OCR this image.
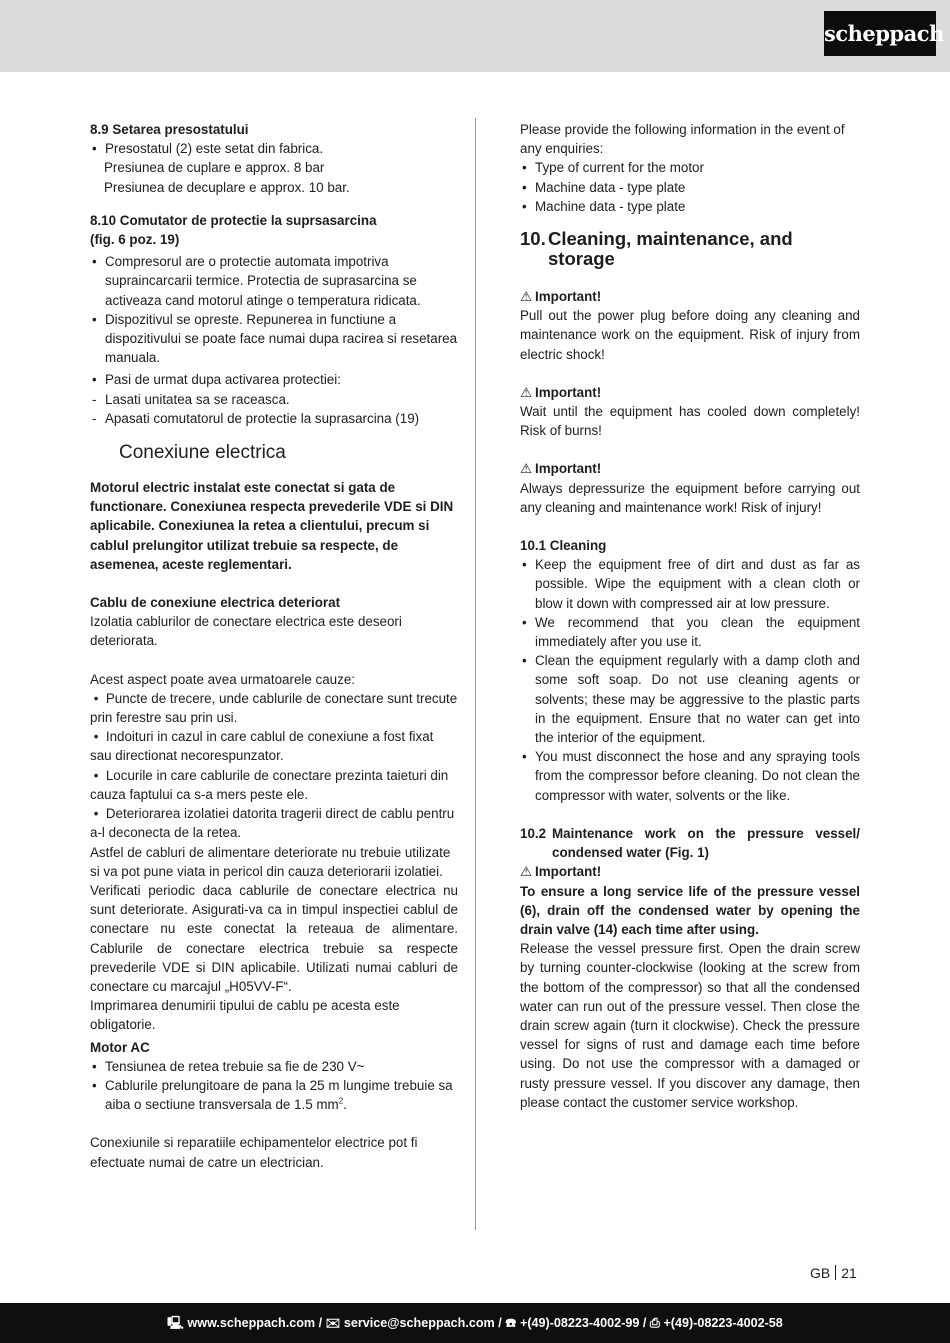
scheppach

8.9 Setarea presostatului

• Presostatul (2) este setat din fabrica.

Presiunea de cuplare e approx. 8 bar

Presiunea de decuplare e approx. 10 bar.

8.10 Comutator de protectie la suprsasarcina

(fig. 6 poz. 19)

• Compresorul are o protectie automata impotriva supraincarcarii termice. Protectia de suprasarcina se activeaza cand motorul atinge o temperatura ridicata.
• Dispozitivul se opreste. Repunerea in functiune a dispozitivului se poate face numai dupa racirea si resetarea manuala.
• Pasi de urmat dupa activarea protectiei:
- Lasati unitatea sa se raceasca.
- Apasati comutatorul de protectie la suprasarcina (19)

Conexiune electrica

Motorul electric instalat este conectat si gata de functionare. Conexiunea respecta prevederile VDE si DIN aplicabile. Conexiunea la retea a clientului, precum si cablul prelungitor utilizat trebuie sa respecte, de asemenea, aceste reglementari.

Cablu de conexiune electrica deteriorat

Izolatia cablurilor de conectare electrica este deseori deteriorata.

Acest aspect poate avea urmatoarele cauze:

•  Puncte de trecere, unde cablurile de conectare sunt trecute prin ferestre sau prin usi.

•  Indoituri in cazul in care cablul de conexiune a fost fixat sau directionat necorespunzator.

•  Locurile in care cablurile de conectare prezinta taieturi din cauza faptului ca s-a mers peste ele.

•  Deteriorarea izolatiei datorita tragerii direct de cablu pentru a-l deconecta de la retea.

Astfel de cabluri de alimentare deteriorate nu trebuie utilizate si va pot pune viata in pericol din cauza deteriorarii izolatiei.

Verificati periodic daca cablurile de conectare electrica nu sunt deteriorate. Asigurati-va ca in timpul inspectiei cablul de conectare nu este conectat la reteaua de alimentare. Cablurile de conectare electrica trebuie sa respecte prevederile VDE si DIN aplicabile. Utilizati numai cabluri de conectare cu marcajul „H05VV-F“.

Imprimarea denumirii tipului de cablu pe acesta este obligatorie.

Motor AC

• Tensiunea de retea trebuie sa fie de 230 V~
• Cablurile prelungitoare de pana la 25 m lungime trebuie sa aiba o sectiune transversala de 1.5 $mm^2$.

Conexiunile si reparatiile echipamentelor electrice pot fi efectuate numai de catre un electrician.

Please provide the following information in the event of any enquiries:

• Type of current for the motor
• Machine data - type plate
• Machine data - type plate
10. Cleaning, maintenance, and storage

⚠ Important!

Pull out the power plug before doing any cleaning and maintenance work on the equipment. Risk of injury from electric shock!

⚠ Important!

Wait until the equipment has cooled down completely! Risk of burns!

⚠ Important!

Always depressurize the equipment before carrying out any cleaning and maintenance work! Risk of injury!

10.1 Cleaning

• Keep the equipment free of dirt and dust as far as possible. Wipe the equipment with a clean cloth or blow it down with compressed air at low pressure.
• We recommend that you clean the equipment immediately after you use it.
• Clean the equipment regularly with a damp cloth and some soft soap. Do not use cleaning agents or solvents; these may be aggressive to the plastic parts in the equipment. Ensure that no water can get into the interior of the equipment.
• You must disconnect the hose and any spraying tools from the compressor before cleaning. Do not clean the compressor with water, solvents or the like.
10.2 Maintenance work on the pressure vessel/ condensed water (Fig. 1)

⚠ Important!

To ensure a long service life of the pressure vessel (6), drain off the condensed water by opening the drain valve (14) each time after using.

Release the vessel pressure first. Open the drain screw by turning counter-clockwise (looking at the screw from the bottom of the compressor) so that all the condensed water can run out of the pressure vessel. Then close the drain screw again (turn it clockwise). Check the pressure vessel for signs of rust and damage each time before using. Do not use the compressor with a damaged or rusty pressure vessel. If you discover any damage, then please contact the customer service workshop.

GB 21
🖳 www.scheppach.com / ✉ service@scheppach.com / ☎ +(49)-08223-4002-99 / ⎙ +(49)-08223-4002-58
